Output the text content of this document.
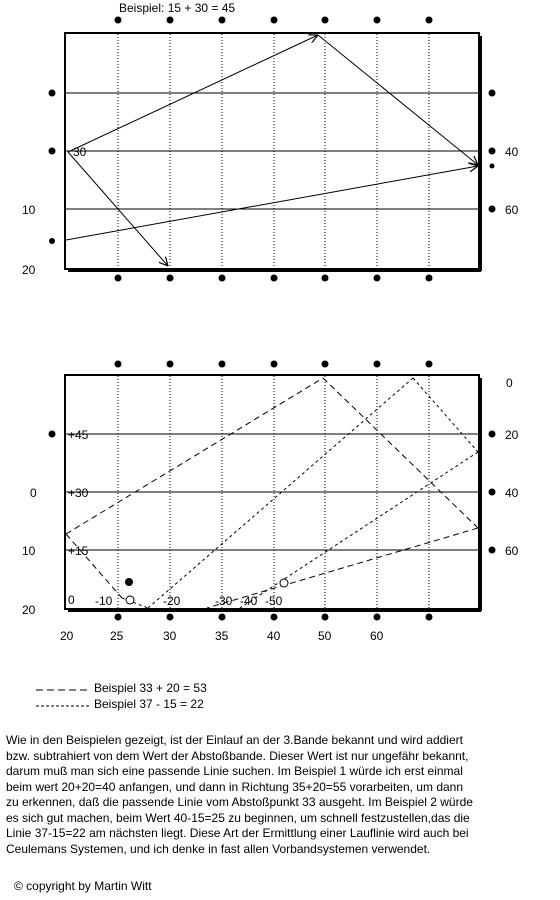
Beispiel: 15 + 30 = 45
30
10
20
40
60
0
+45
+30
+15
0
10
20
20
40
60
0 -10	-20	-30 -40 -50
20	25	30	35	40	50	60
Beispiel 33 + 20 = 53
Beispiel 37 - 15 = 22

Wie in den Beispielen gezeigt, ist der Einlauf an der 3.Bande bekannt und wird addiert
bzw. subtrahiert von dem Wert der Abstoßbande. Dieser Wert ist nur ungefähr bekannt,
darum muß man sich eine passende Linie suchen. Im Beispiel 1 würde ich erst einmal
beim wert 20+20=40 anfangen, und dann in Richtung 35+20=55 vorarbeiten, um dann
zu erkennen, daß die passende Linie vom Abstoßpunkt 33 ausgeht. Im Beispiel 2 würde
es sich gut machen, beim Wert 40-15=25 zu beginnen, um schnell festzustellen,das die
Linie 37-15=22 am nächsten liegt. Diese Art der Ermittlung einer Lauflinie wird auch bei
Ceulemans Systemen, und ich denke in fast allen Vorbandsystemen verwendet.

© copyright by Martin Witt
